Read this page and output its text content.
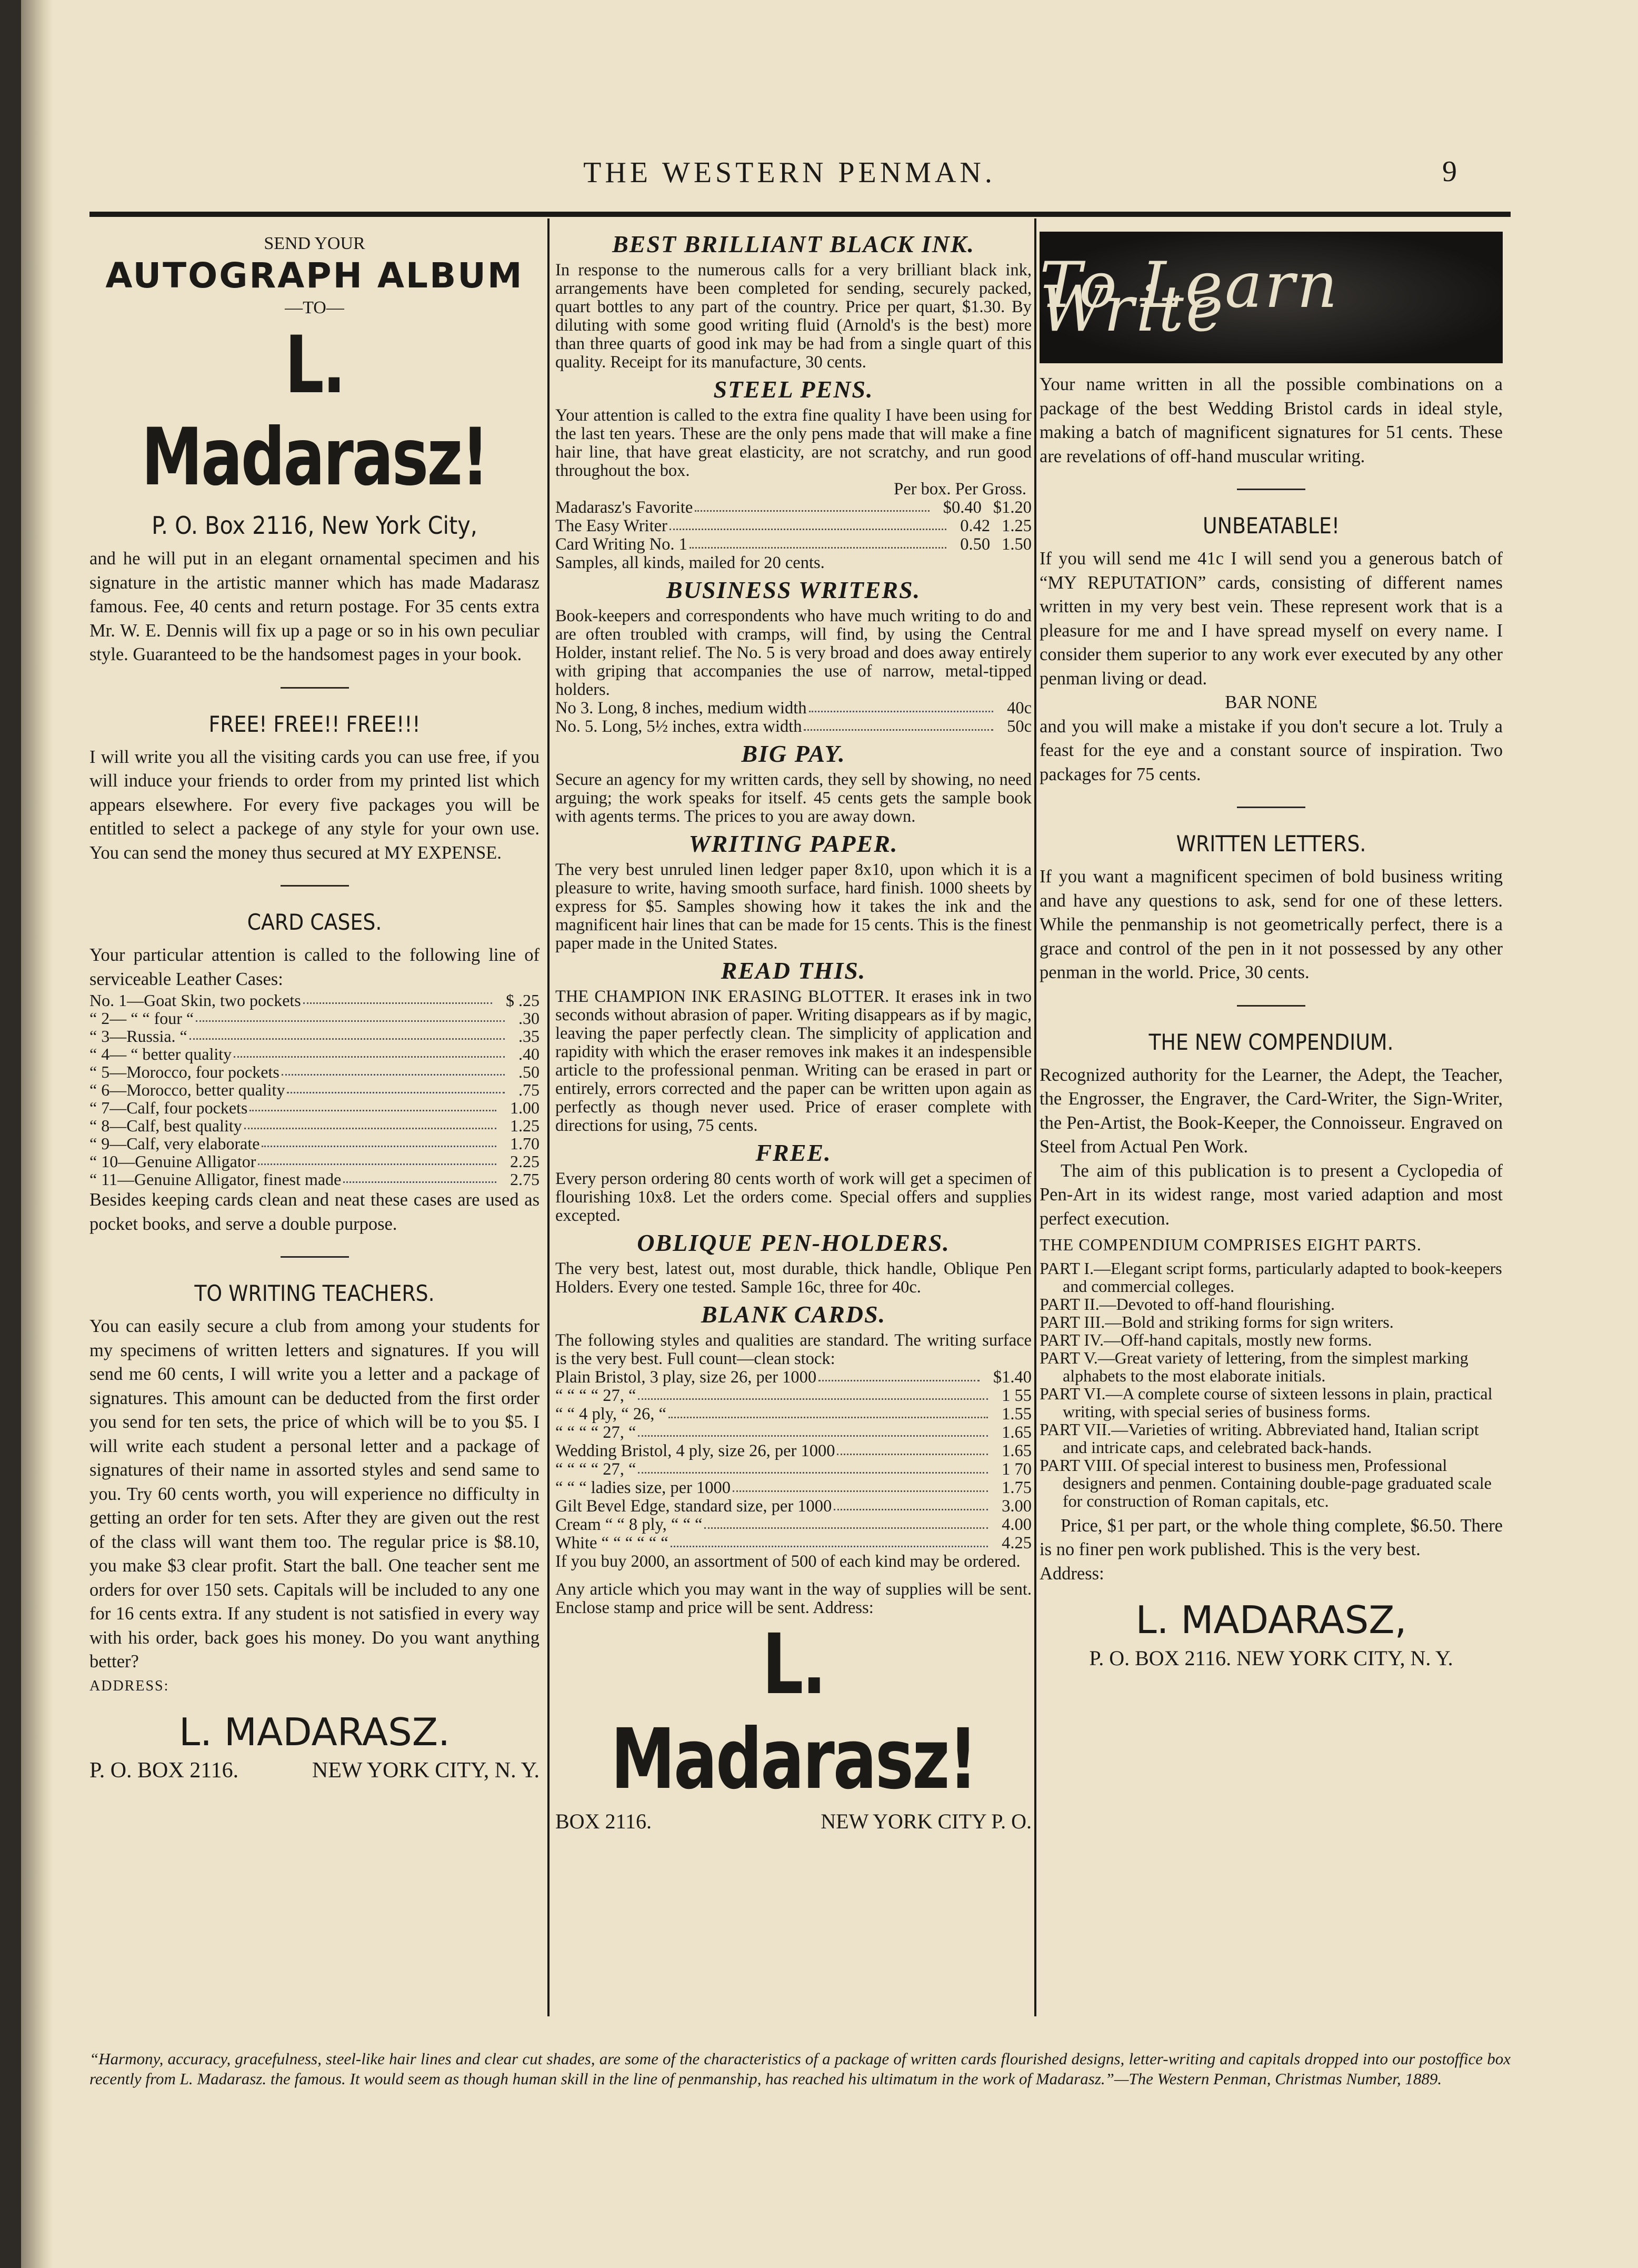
THE WESTERN PENMAN.	9
SEND YOUR
AUTOGRAPH ALBUM
—TO—
L. Madarasz!
P. O. Box 2116, New York City,

and he will put in an elegant ornamental specimen and his signature in the artistic manner which has made Madarasz famous. Fee, 40 cents and return postage. For 35 cents extra Mr. W. E. Dennis will fix up a page or so in his own peculiar style. Guaranteed to be the handsomest pages in your book.

FREE! FREE!! FREE!!!

I will write you all the visiting cards you can use free, if you will induce your friends to order from my printed list which appears elsewhere. For every five packages you will be entitled to select a packege of any style for your own use. You can send the money thus secured at MY EXPENSE.

CARD CASES.

Your particular attention is called to the following line of serviceable Leather Cases:

No. 1—Goat Skin, two pockets	$ .25
“ 2— “ “ four “	.30
“ 3—Russia. “	.35
“ 4— “ better quality	.40
“ 5—Morocco, four pockets	.50
“ 6—Morocco, better quality	.75
“ 7—Calf, four pockets	1.00
“ 8—Calf, best quality	1.25
“ 9—Calf, very elaborate	1.70
“ 10—Genuine Alligator	2.25
“ 11—Genuine Alligator, finest made	2.75

Besides keeping cards clean and neat these cases are used as pocket books, and serve a double purpose.

TO WRITING TEACHERS.

You can easily secure a club from among your students for my specimens of written letters and signatures. If you will send me 60 cents, I will write you a letter and a package of signatures. This amount can be deducted from the first order you send for ten sets, the price of which will be to you $5. I will write each student a personal letter and a package of signatures of their name in assorted styles and send same to you. Try 60 cents worth, you will experience no difficulty in getting an order for ten sets. After they are given out the rest of the class will want them too. The regular price is $8.10, you make $3 clear profit. Start the ball. One teacher sent me orders for over 150 sets. Capitals will be included to any one for 16 cents extra. If any student is not satisfied in every way with his order, back goes his money. Do you want anything better?

ADDRESS:
L. MADARASZ.
P. O. BOX 2116.	NEW YORK CITY, N. Y.
BEST BRILLIANT BLACK INK.

In response to the numerous calls for a very brilliant black ink, arrangements have been completed for sending, securely packed, quart bottles to any part of the country. Price per quart, $1.30. By diluting with some good writing fluid (Arnold's is the best) more than three quarts of good ink may be had from a single quart of this quality. Receipt for its manufacture, 30 cents.

STEEL PENS.

Your attention is called to the extra fine quality I have been using for the last ten years. These are the only pens made that will make a fine hair line, that have great elasticity, are not scratchy, and run good throughout the box.

Per box. Per Gross.
Madarasz's Favorite	$0.40 $1.20
The Easy Writer	0.42 1.25
Card Writing No. 1	0.50 1.50

Samples, all kinds, mailed for 20 cents.

BUSINESS WRITERS.

Book-keepers and correspondents who have much writing to do and are often troubled with cramps, will find, by using the Central Holder, instant relief. The No. 5 is very broad and does away entirely with griping that accompanies the use of narrow, metal-tipped holders.

No 3. Long, 8 inches, medium width	40c
No. 5. Long, 5½ inches, extra width	50c
BIG PAY.

Secure an agency for my written cards, they sell by showing, no need arguing; the work speaks for itself. 45 cents gets the sample book with agents terms. The prices to you are away down.

WRITING PAPER.

The very best unruled linen ledger paper 8x10, upon which it is a pleasure to write, having smooth surface, hard finish. 1000 sheets by express for $5. Samples showing how it takes the ink and the magnificent hair lines that can be made for 15 cents. This is the finest paper made in the United States.

READ THIS.

THE CHAMPION INK ERASING BLOTTER. It erases ink in two seconds without abrasion of paper. Writing disappears as if by magic, leaving the paper perfectly clean. The simplicity of application and rapidity with which the eraser removes ink makes it an indespensible article to the professional penman. Writing can be erased in part or entirely, errors corrected and the paper can be written upon again as perfectly as though never used. Price of eraser complete with directions for using, 75 cents.

FREE.

Every person ordering 80 cents worth of work will get a specimen of flourishing 10x8. Let the orders come. Special offers and supplies excepted.

OBLIQUE PEN-HOLDERS.

The very best, latest out, most durable, thick handle, Oblique Pen Holders. Every one tested. Sample 16c, three for 40c.

BLANK CARDS.

The following styles and qualities are standard. The writing surface is the very best. Full count—clean stock:

Plain Bristol, 3 play, size 26, per 1000	$1.40
“ “ “ “ 27, “	1 55
“ “ 4 ply, “ 26, “	1.55
“ “ “ “ 27, “	1.65
Wedding Bristol, 4 ply, size 26, per 1000	1.65
“ “ “ “ 27, “	1 70
“ “ “ ladies size, per 1000	1.75
Gilt Bevel Edge, standard size, per 1000	3.00
Cream “ “ 8 ply, “ “ “	4.00
White “ “ “ “ “ “	4.25

If you buy 2000, an assortment of 500 of each kind may be ordered.

Any article which you may want in the way of supplies will be sent. Enclose stamp and price will be sent. Address:

L. Madarasz!
BOX 2116.	NEW YORK CITY P. O.
To Learn Write

Your name written in all the possible combinations on a package of the best Wedding Bristol cards in ideal style, making a batch of magnificent signatures for 51 cents. These are revelations of off-hand muscular writing.

UNBEATABLE!

If you will send me 41c I will send you a generous batch of “MY REPUTATION” cards, consisting of different names written in my very best vein. These represent work that is a pleasure for me and I have spread myself on every name. I consider them superior to any work ever executed by any other penman living or dead.

BAR NONE

and you will make a mistake if you don't secure a lot. Truly a feast for the eye and a constant source of inspiration. Two packages for 75 cents.

WRITTEN LETTERS.

If you want a magnificent specimen of bold business writing and have any questions to ask, send for one of these letters. While the penmanship is not geometrically perfect, there is a grace and control of the pen in it not possessed by any other penman in the world. Price, 30 cents.

THE NEW COMPENDIUM.

Recognized authority for the Learner, the Adept, the Teacher, the Engrosser, the Engraver, the Card-Writer, the Sign-Writer, the Pen-Artist, the Book-Keeper, the Connoisseur. Engraved on Steel from Actual Pen Work.

The aim of this publication is to present a Cyclopedia of Pen-Art in its widest range, most varied adaption and most perfect execution.

THE COMPENDIUM COMPRISES EIGHT PARTS.
PART I.—Elegant script forms, particularly adapted to book-keepers and commercial colleges.
PART II.—Devoted to off-hand flourishing.
PART III.—Bold and striking forms for sign writers.
PART IV.—Off-hand capitals, mostly new forms.
PART V.—Great variety of lettering, from the simplest marking alphabets to the most elaborate initials.
PART VI.—A complete course of sixteen lessons in plain, practical writing, with special series of business forms.
PART VII.—Varieties of writing. Abbreviated hand, Italian script and intricate caps, and celebrated back-hands.
PART VIII. Of special interest to business men, Professional designers and penmen. Containing double-page graduated scale for construction of Roman capitals, etc.

Price, $1 per part, or the whole thing complete, $6.50. There is no finer pen work published. This is the very best.

Address:
L. MADARASZ,
P. O. BOX 2116. NEW YORK CITY, N. Y.
“Harmony, accuracy, gracefulness, steel-like hair lines and clear cut shades, are some of the characteristics of a package of written cards flourished designs, letter-writing and capitals dropped into our postoffice box recently from L. Madarasz. the famous. It would seem as though human skill in the line of penmanship, has reached his ultimatum in the work of Madarasz.”—The Western Penman, Christmas Number, 1889.
